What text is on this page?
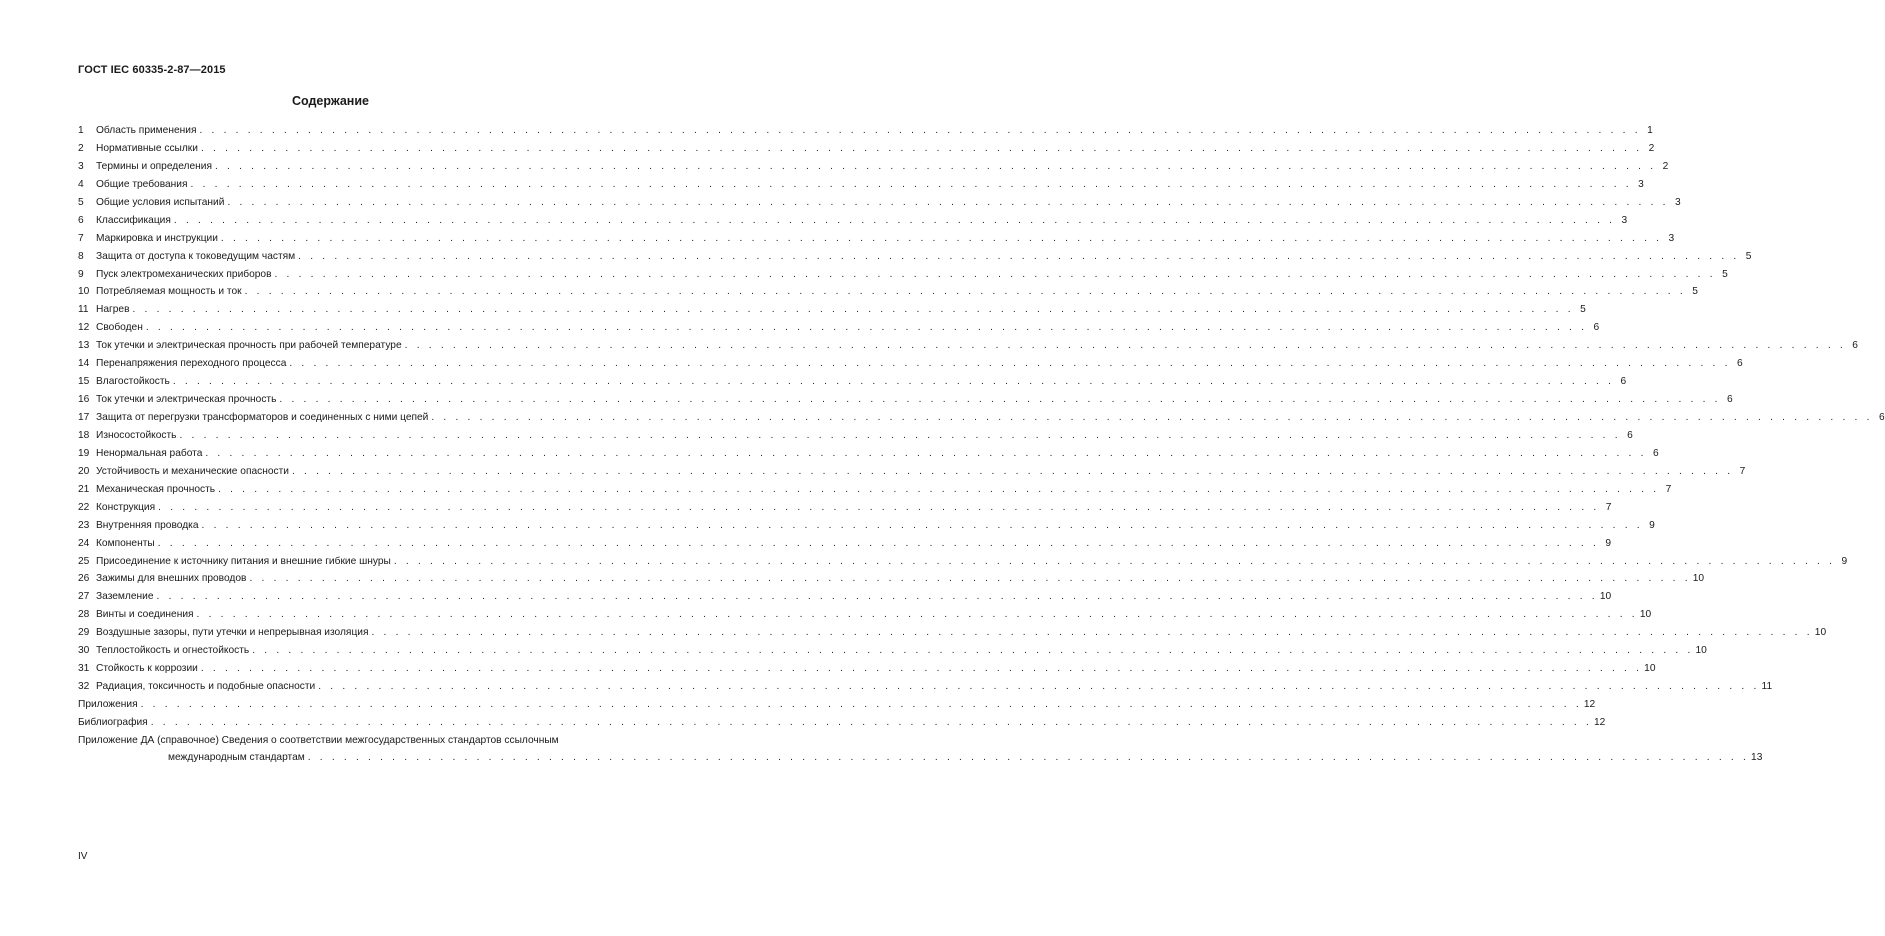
ГОСТ IEC 60335-2-87—2015
Содержание
1	Область применения . . . . . . . . . . . . . . . . . . . . . . . . . . . . . . . . . . . . . . . . . . . . . . . . . . . . . . . . . . . . . . . . . . . . . . . . . . . . . . . . . . . . . . . . . . . . . . . . . . . . . . . . . . . . . . . . . . . . . . . . 1
2	Нормативные ссылки . . . . . . . . . . . . . . . . . . . . . . . . . . . . . . . . . . . . . . . . . . . . . . . . . . . . . . . . . . . . . . . . . . . . . . . . . . . . . . . . . . . . . . . . . . . . . . . . . . . . . . . . . . . . . . . . . . . . . . . . 2
3	Термины и определения . . . . . . . . . . . . . . . . . . . . . . . . . . . . . . . . . . . . . . . . . . . . . . . . . . . . . . . . . . . . . . . . . . . . . . . . . . . . . . . . . . . . . . . . . . . . . . . . . . . . . . . . . . . . . . . . . . . . . . . . 2
4	Общие требования . . . . . . . . . . . . . . . . . . . . . . . . . . . . . . . . . . . . . . . . . . . . . . . . . . . . . . . . . . . . . . . . . . . . . . . . . . . . . . . . . . . . . . . . . . . . . . . . . . . . . . . . . . . . . . . . . . . . . . . . 3
5	Общие условия испытаний . . . . . . . . . . . . . . . . . . . . . . . . . . . . . . . . . . . . . . . . . . . . . . . . . . . . . . . . . . . . . . . . . . . . . . . . . . . . . . . . . . . . . . . . . . . . . . . . . . . . . . . . . . . . . . . . . . . . . . . . 3
6	Классификация . . . . . . . . . . . . . . . . . . . . . . . . . . . . . . . . . . . . . . . . . . . . . . . . . . . . . . . . . . . . . . . . . . . . . . . . . . . . . . . . . . . . . . . . . . . . . . . . . . . . . . . . . . . . . . . . . . . . . . . . 3
7	Маркировка и инструкции . . . . . . . . . . . . . . . . . . . . . . . . . . . . . . . . . . . . . . . . . . . . . . . . . . . . . . . . . . . . . . . . . . . . . . . . . . . . . . . . . . . . . . . . . . . . . . . . . . . . . . . . . . . . . . . . . . . . . . . . 3
8	Защита от доступа к токоведущим частям . . . . . . . . . . . . . . . . . . . . . . . . . . . . . . . . . . . . . . . . . . . . . . . . . . . . . . . . . . . . . . . . . . . . . . . . . . . . . . . . . . . . . . . . . . . . . . . . . . . . . . . . . . . . . . . . . . . . . . . . 5
9	Пуск электромеханических приборов . . . . . . . . . . . . . . . . . . . . . . . . . . . . . . . . . . . . . . . . . . . . . . . . . . . . . . . . . . . . . . . . . . . . . . . . . . . . . . . . . . . . . . . . . . . . . . . . . . . . . . . . . . . . . . . . . . . . . . . . 5
10 Потребляемая мощность и ток . . . . . . . . . . . . . . . . . . . . . . . . . . . . . . . . . . . . . . . . . . . . . . . . . . . . . . . . . . . . . . . . . . . . . . . . . . . . . . . . . . . . . . . . . . . . . . . . . . . . . . . . . . . . . . . . . . . . . . . . 5
11 Нагрев . . . . . . . . . . . . . . . . . . . . . . . . . . . . . . . . . . . . . . . . . . . . . . . . . . . . . . . . . . . . . . . . . . . . . . . . . . . . . . . . . . . . . . . . . . . . . . . . . . . . . . . . . . . . . . . . . . . . . . . . 5
12 Свободен . . . . . . . . . . . . . . . . . . . . . . . . . . . . . . . . . . . . . . . . . . . . . . . . . . . . . . . . . . . . . . . . . . . . . . . . . . . . . . . . . . . . . . . . . . . . . . . . . . . . . . . . . . . . . . . . . . . . . . . . 6
13 Ток утечки и электрическая прочность при рабочей температуре . . . . . . . . . . . . . . . . . . . . . . . . . . . . . . . . . . . . . . . . . . . . . . . . . . . . . . . . . . . . . . . . . . . . . . . . . . . . . . . . . . . . . . . . . . . . . . . . . . . . . . . . . . . . . . . . . . . . . . . . 6
14 Перенапряжения переходного процесса . . . . . . . . . . . . . . . . . . . . . . . . . . . . . . . . . . . . . . . . . . . . . . . . . . . . . . . . . . . . . . . . . . . . . . . . . . . . . . . . . . . . . . . . . . . . . . . . . . . . . . . . . . . . . . . . . . . . . . . . 6
15 Влагостойкость . . . . . . . . . . . . . . . . . . . . . . . . . . . . . . . . . . . . . . . . . . . . . . . . . . . . . . . . . . . . . . . . . . . . . . . . . . . . . . . . . . . . . . . . . . . . . . . . . . . . . . . . . . . . . . . . . . . . . . . . 6
16 Ток утечки и электрическая прочность . . . . . . . . . . . . . . . . . . . . . . . . . . . . . . . . . . . . . . . . . . . . . . . . . . . . . . . . . . . . . . . . . . . . . . . . . . . . . . . . . . . . . . . . . . . . . . . . . . . . . . . . . . . . . . . . . . . . . . . . 6
17 Защита от перегрузки трансформаторов и соединенных с ними цепей . . . . . . . . . . . . . . . . . . . . . . . . . . . . . . . . . . . . . . . . . . . . . . . . . . . . . . . . . . . . . . . . . . . . . . . . . . . . . . . . . . . . . . . . . . . . . . . . . . . . . . . . . . . . . . . . . . . . . . . . 6
18 Износостойкость . . . . . . . . . . . . . . . . . . . . . . . . . . . . . . . . . . . . . . . . . . . . . . . . . . . . . . . . . . . . . . . . . . . . . . . . . . . . . . . . . . . . . . . . . . . . . . . . . . . . . . . . . . . . . . . . . . . . . . . . 6
19 Ненормальная работа . . . . . . . . . . . . . . . . . . . . . . . . . . . . . . . . . . . . . . . . . . . . . . . . . . . . . . . . . . . . . . . . . . . . . . . . . . . . . . . . . . . . . . . . . . . . . . . . . . . . . . . . . . . . . . . . . . . . . . . . 6
20 Устойчивость и механические опасности . . . . . . . . . . . . . . . . . . . . . . . . . . . . . . . . . . . . . . . . . . . . . . . . . . . . . . . . . . . . . . . . . . . . . . . . . . . . . . . . . . . . . . . . . . . . . . . . . . . . . . . . . . . . . . . . . . . . . . . . 7
21 Механическая прочность . . . . . . . . . . . . . . . . . . . . . . . . . . . . . . . . . . . . . . . . . . . . . . . . . . . . . . . . . . . . . . . . . . . . . . . . . . . . . . . . . . . . . . . . . . . . . . . . . . . . . . . . . . . . . . . . . . . . . . . . 7
22 Конструкция . . . . . . . . . . . . . . . . . . . . . . . . . . . . . . . . . . . . . . . . . . . . . . . . . . . . . . . . . . . . . . . . . . . . . . . . . . . . . . . . . . . . . . . . . . . . . . . . . . . . . . . . . . . . . . . . . . . . . . . . 7
23 Внутренняя проводка . . . . . . . . . . . . . . . . . . . . . . . . . . . . . . . . . . . . . . . . . . . . . . . . . . . . . . . . . . . . . . . . . . . . . . . . . . . . . . . . . . . . . . . . . . . . . . . . . . . . . . . . . . . . . . . . . . . . . . . . 9
24 Компоненты . . . . . . . . . . . . . . . . . . . . . . . . . . . . . . . . . . . . . . . . . . . . . . . . . . . . . . . . . . . . . . . . . . . . . . . . . . . . . . . . . . . . . . . . . . . . . . . . . . . . . . . . . . . . . . . . . . . . . . . . 9
25 Присоединение к источнику питания и внешние гибкие шнуры . . . . . . . . . . . . . . . . . . . . . . . . . . . . . . . . . . . . . . . . . . . . . . . . . . . . . . . . . . . . . . . . . . . . . . . . . . . . . . . . . . . . . . . . . . . . . . . . . . . . . . . . . . . . . . . . . . . . . . . . 9
26 Зажимы для внешних проводов . . . . . . . . . . . . . . . . . . . . . . . . . . . . . . . . . . . . . . . . . . . . . . . . . . . . . . . . . . . . . . . . . . . . . . . . . . . . . . . . . . . . . . . . . . . . . . . . . . . . . . . . . . . . . . . . . . . . . . . . 10
27 Заземление . . . . . . . . . . . . . . . . . . . . . . . . . . . . . . . . . . . . . . . . . . . . . . . . . . . . . . . . . . . . . . . . . . . . . . . . . . . . . . . . . . . . . . . . . . . . . . . . . . . . . . . . . . . . . . . . . . . . . . . . 10
28 Винты и соединения . . . . . . . . . . . . . . . . . . . . . . . . . . . . . . . . . . . . . . . . . . . . . . . . . . . . . . . . . . . . . . . . . . . . . . . . . . . . . . . . . . . . . . . . . . . . . . . . . . . . . . . . . . . . . . . . . . . . . . . . 10
29 Воздушные зазоры, пути утечки и непрерывная изоляция . . . . . . . . . . . . . . . . . . . . . . . . . . . . . . . . . . . . . . . . . . . . . . . . . . . . . . . . . . . . . . . . . . . . . . . . . . . . . . . . . . . . . . . . . . . . . . . . . . . . . . . . . . . . . . . . . . . . . . . . 10
30 Теплостойкость и огнестойкость . . . . . . . . . . . . . . . . . . . . . . . . . . . . . . . . . . . . . . . . . . . . . . . . . . . . . . . . . . . . . . . . . . . . . . . . . . . . . . . . . . . . . . . . . . . . . . . . . . . . . . . . . . . . . . . . . . . . . . . . 10
31 Стойкость к коррозии . . . . . . . . . . . . . . . . . . . . . . . . . . . . . . . . . . . . . . . . . . . . . . . . . . . . . . . . . . . . . . . . . . . . . . . . . . . . . . . . . . . . . . . . . . . . . . . . . . . . . . . . . . . . . . . . . . . . . . . . 10
32 Радиация, токсичность и подобные опасности . . . . . . . . . . . . . . . . . . . . . . . . . . . . . . . . . . . . . . . . . . . . . . . . . . . . . . . . . . . . . . . . . . . . . . . . . . . . . . . . . . . . . . . . . . . . . . . . . . . . . . . . . . . . . . . . . . . . . . . . 11
Приложения . . . . . . . . . . . . . . . . . . . . . . . . . . . . . . . . . . . . . . . . . . . . . . . . . . . . . . . . . . . . . . . . . . . . . . . . . . . . . . . . . . . . . . . . . . . . . . . . . . . . . . . . . . . . . . . . . . . . . . . . 12
Библиография . . . . . . . . . . . . . . . . . . . . . . . . . . . . . . . . . . . . . . . . . . . . . . . . . . . . . . . . . . . . . . . . . . . . . . . . . . . . . . . . . . . . . . . . . . . . . . . . . . . . . . . . . . . . . . . . . . . . . . . . 12
Приложение ДА (справочное) Сведения о соответствии межгосударственных стандартов ссылочным
международным стандартам . . . . . . . . . . . . . . . . . . . . . . . . . . . . . . . . . . . . . . . . . . . . . . . . . . . . . . . . . . . . . . . . . . . . . . . . . . . . . . . . . . . . . . . . . . . . . . . . . . . . . . . . . . . . . . . . . . . . . . . . 13
IV
